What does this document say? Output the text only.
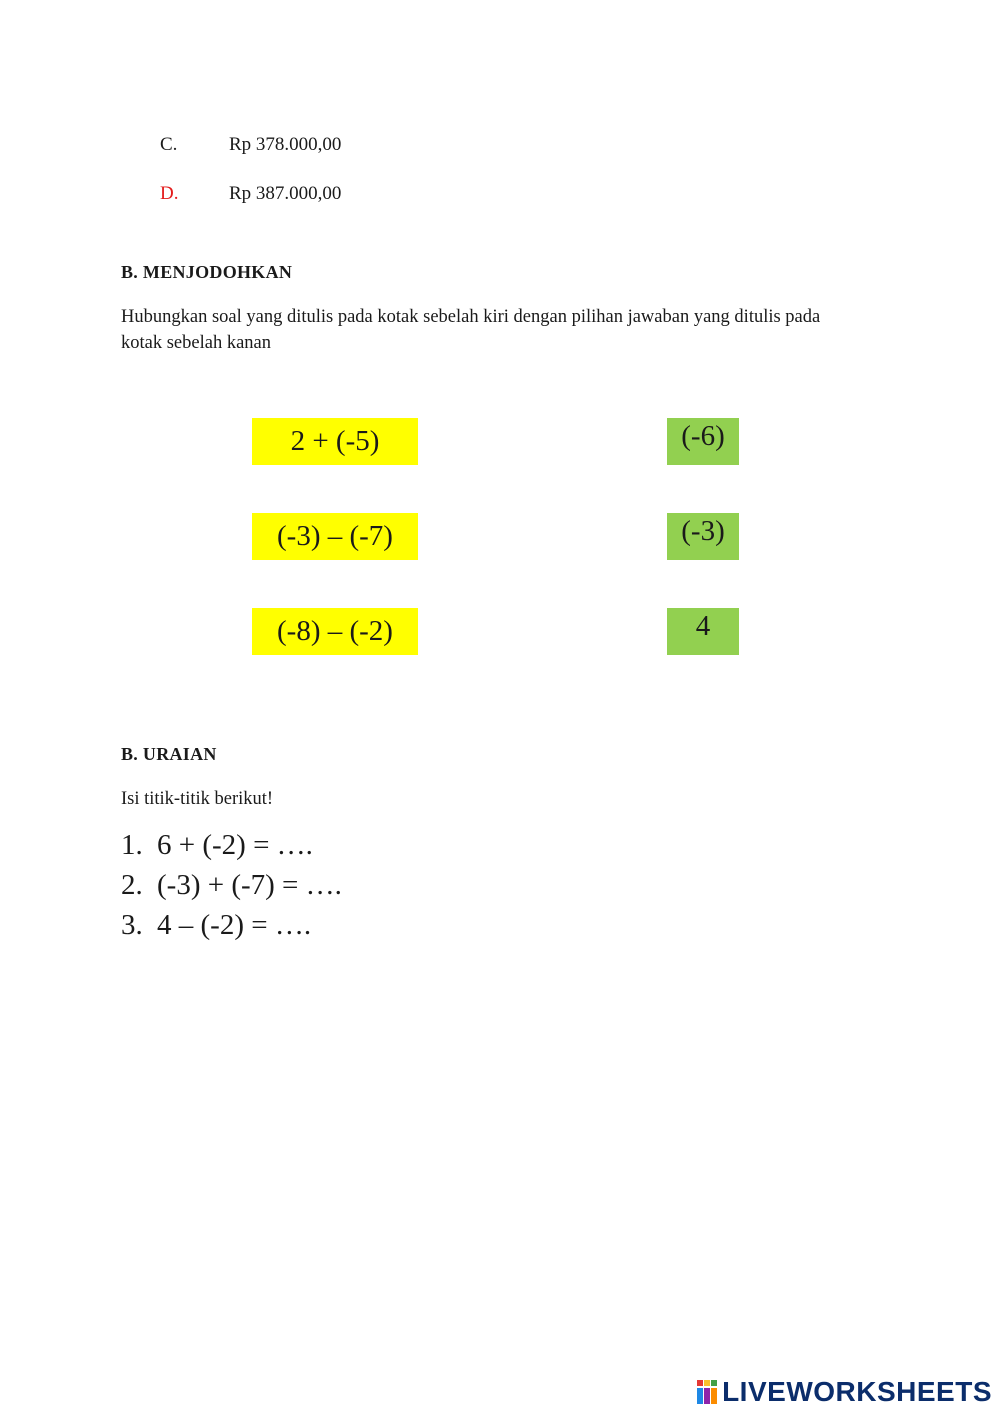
C.	Rp 378.000,00
D.	Rp 387.000,00
B. MENJODOHKAN
Hubungkan soal yang ditulis pada kotak sebelah kiri dengan pilihan jawaban yang ditulis pada kotak sebelah kanan
2 + (-5)
(-3) – (-7)
(-8) – (-2)
(-6)
(-3)
4
B. URAIAN
Isi titik-titik berikut!
1. 6 + (-2) = ….
2. (-3) + (-7) = ….
3. 4 – (-2) = ….
LIVEWORKSHEETS
